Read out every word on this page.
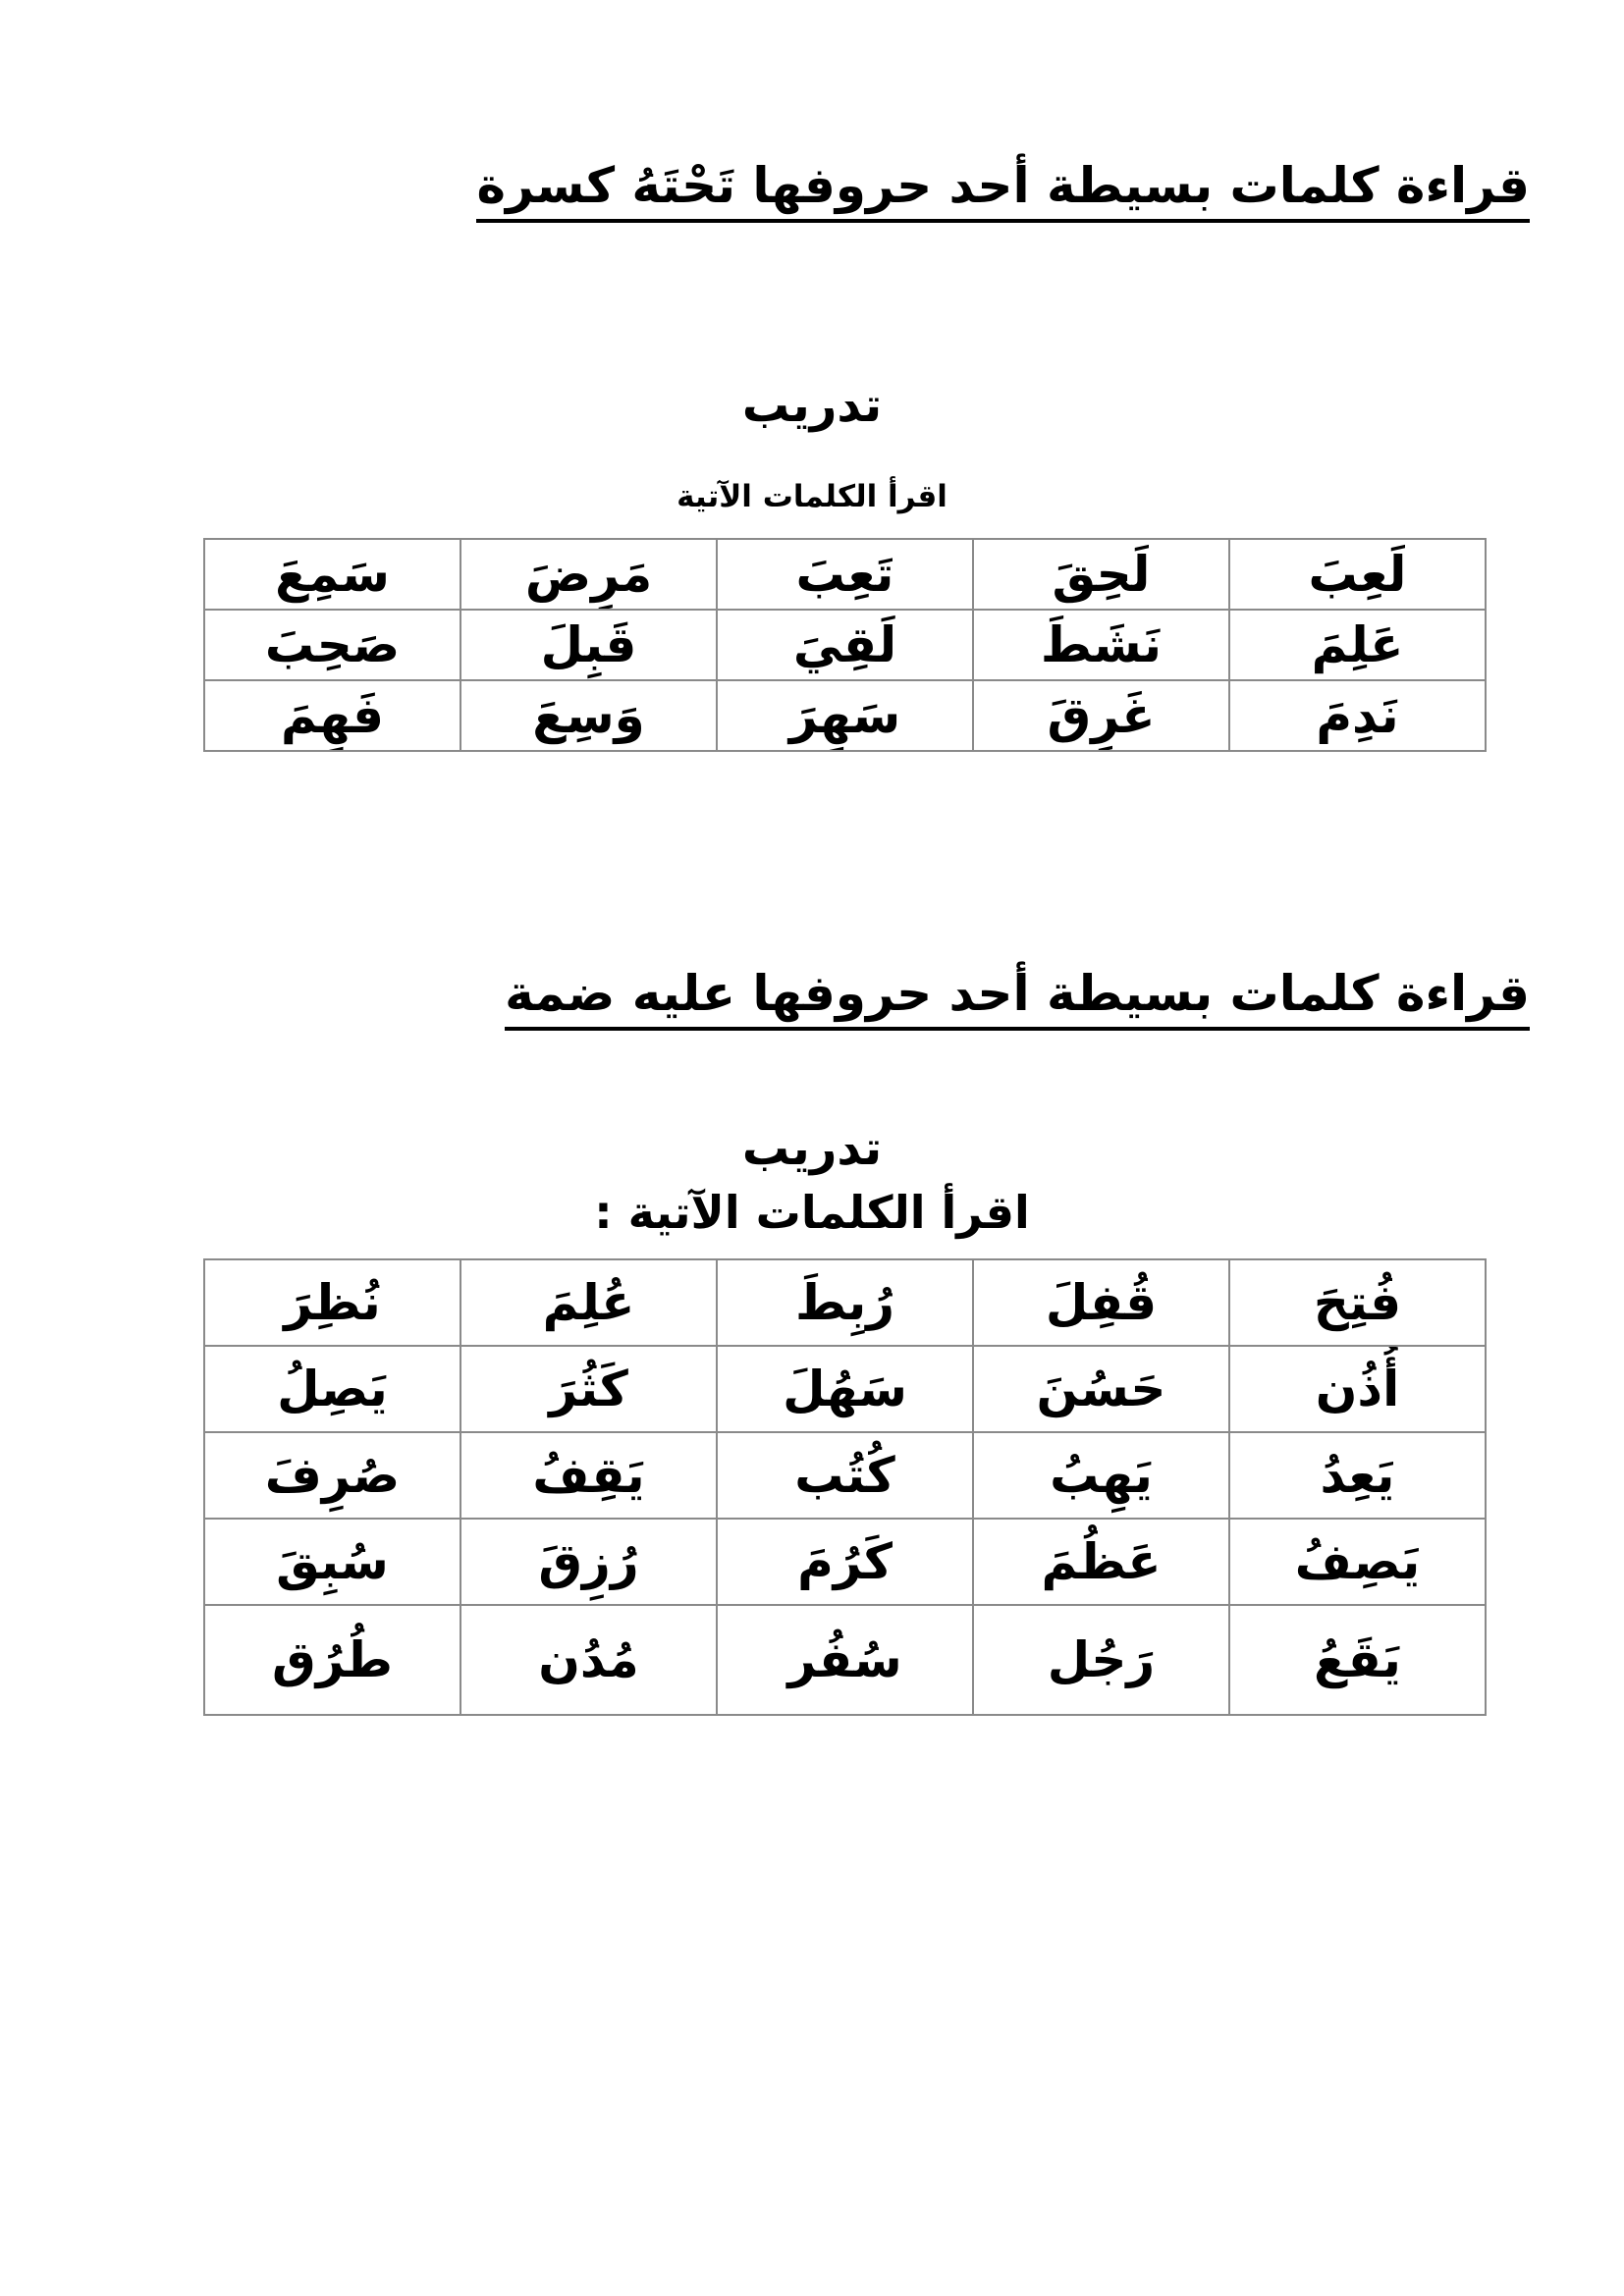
قراءة كلمات بسيطة أحد حروفها تَحْتَهُ كسرة
تدريب
اقرأ الكلمات الآتية
لَعِبَ	لَحِقَ	تَعِبَ	مَرِضَ	سَمِعَ
عَلِمَ	نَشَطَ	لَقِيَ	قَبِلَ	صَحِبَ
نَدِمَ	غَرِقَ	سَهِرَ	وَسِعَ	فَهِمَ
قراءة كلمات بسيطة أحد حروفها عليه ضمة
تدريب
اقرأ الكلمات الآتية :
فُتِحَ	قُفِلَ	رُبِطَ	عُلِمَ	نُظِرَ
أُذُن	حَسُنَ	سَهُلَ	كَثُرَ	يَصِلُ
يَعِدُ	يَهِبُ	كُتُب	يَقِفُ	صُرِفَ
يَصِفُ	عَظُمَ	كَرُمَ	رُزِقَ	سُبِقَ
يَقَعُ	رَجُل	سُفُر	مُدُن	طُرُق
